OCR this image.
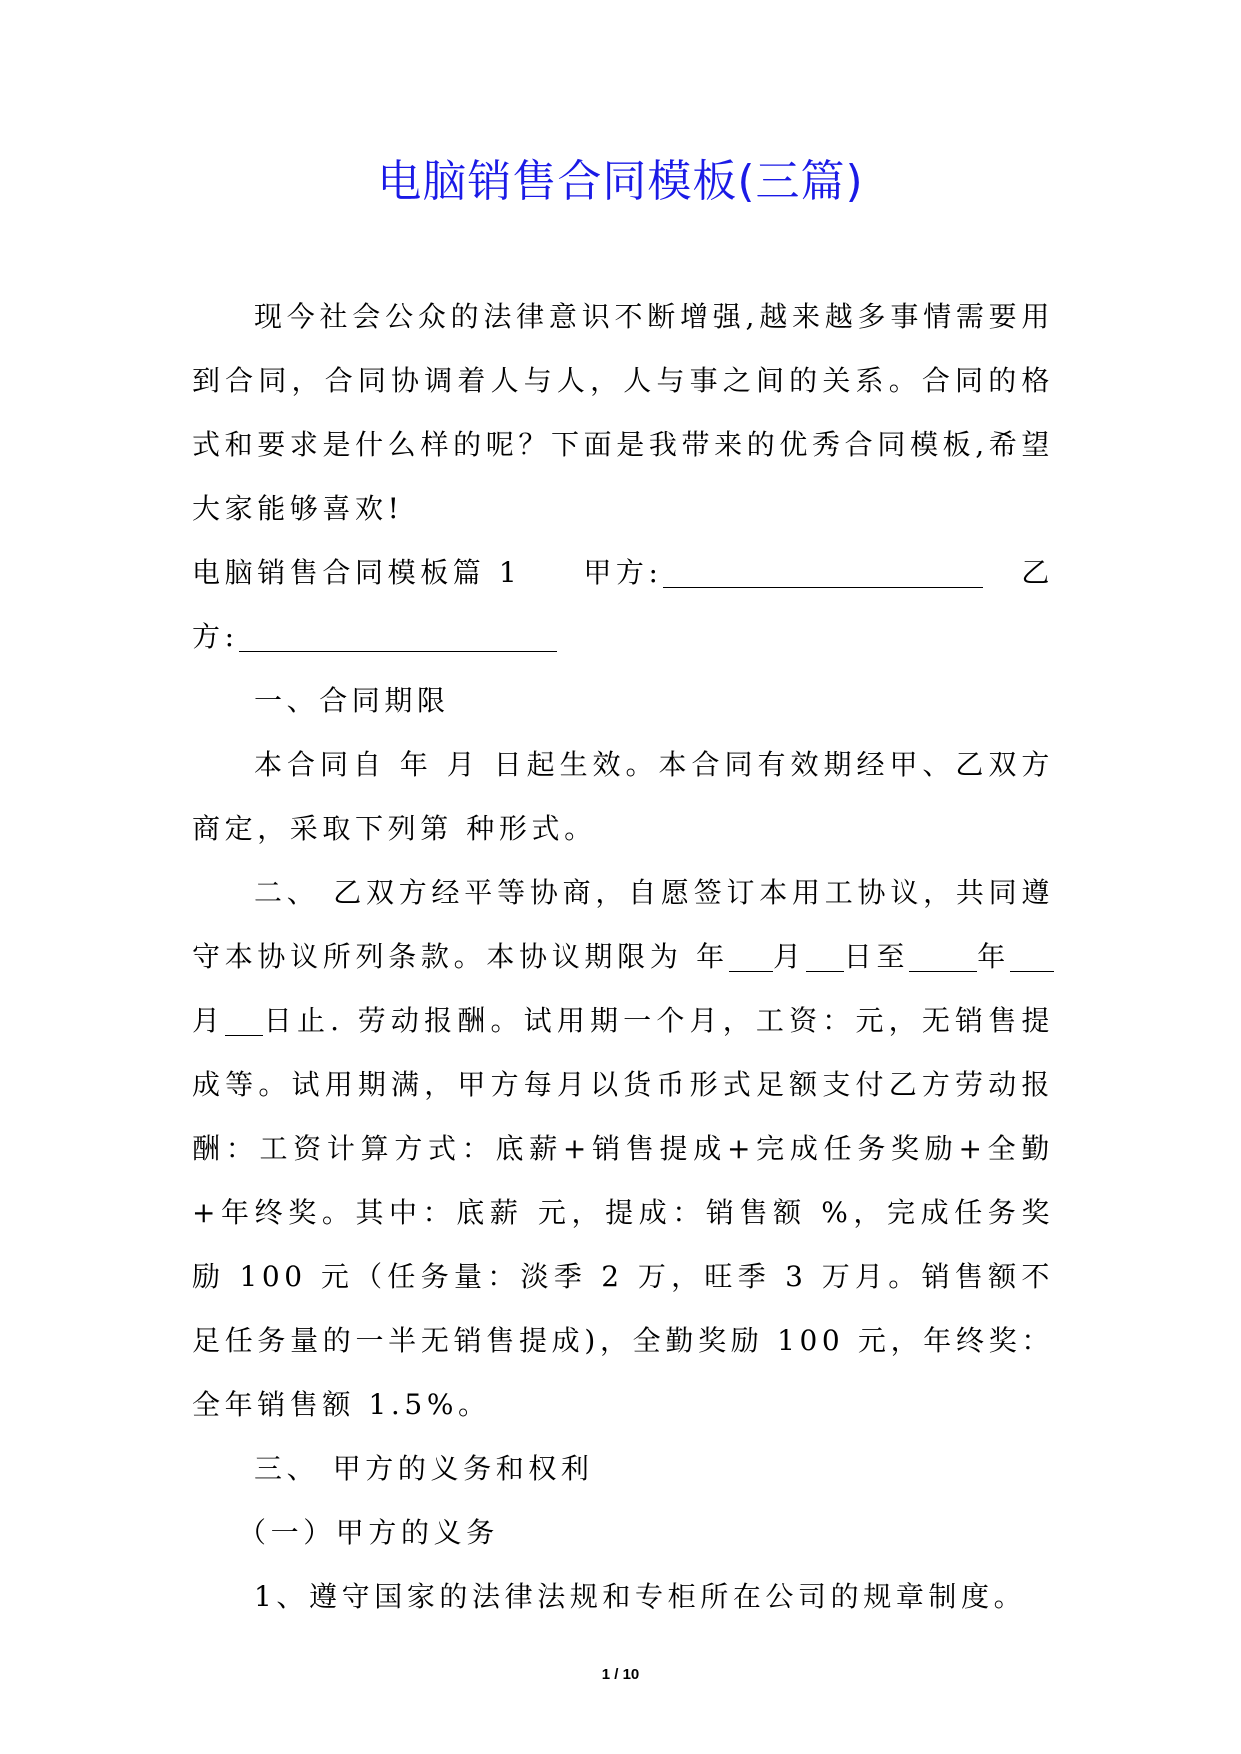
电脑销售合同模板(三篇)

现今社会公众的法律意识不断增强,越来越多事情需要用到合同，合同协调着人与人，人与事之间的关系。合同的格式和要求是什么样的呢？下面是我带来的优秀合同模板,希望大家能够喜欢!

电脑销售合同模板篇 1 甲方:	乙

方:

一、合同期限

本合同自 年 月 日起生效。本合同有效期经甲、乙双方商定，采取下列第 种形式。

二、 乙双方经平等协商，自愿签订本用工协议，共同遵守本协议所列条款。本协议期限为 年 月 日至 年月 日止. 劳动报酬。试用期一个月，工资：元，无销售提成等。试用期满，甲方每月以货币形式足额支付乙方劳动报酬：工资计算方式：底薪+销售提成+完成任务奖励+全勤+年终奖。其中：底薪 元，提成：销售额 %，完成任务奖励 100 元（任务量：淡季 2 万，旺季 3 万月。销售额不足任务量的一半无销售提成)，全勤奖励 100 元，年终奖：全年销售额 1.5%。

三、 甲方的义务和权利

（一）甲方的义务

1、遵守国家的法律法规和专柜所在公司的规章制度。

1 / 10
